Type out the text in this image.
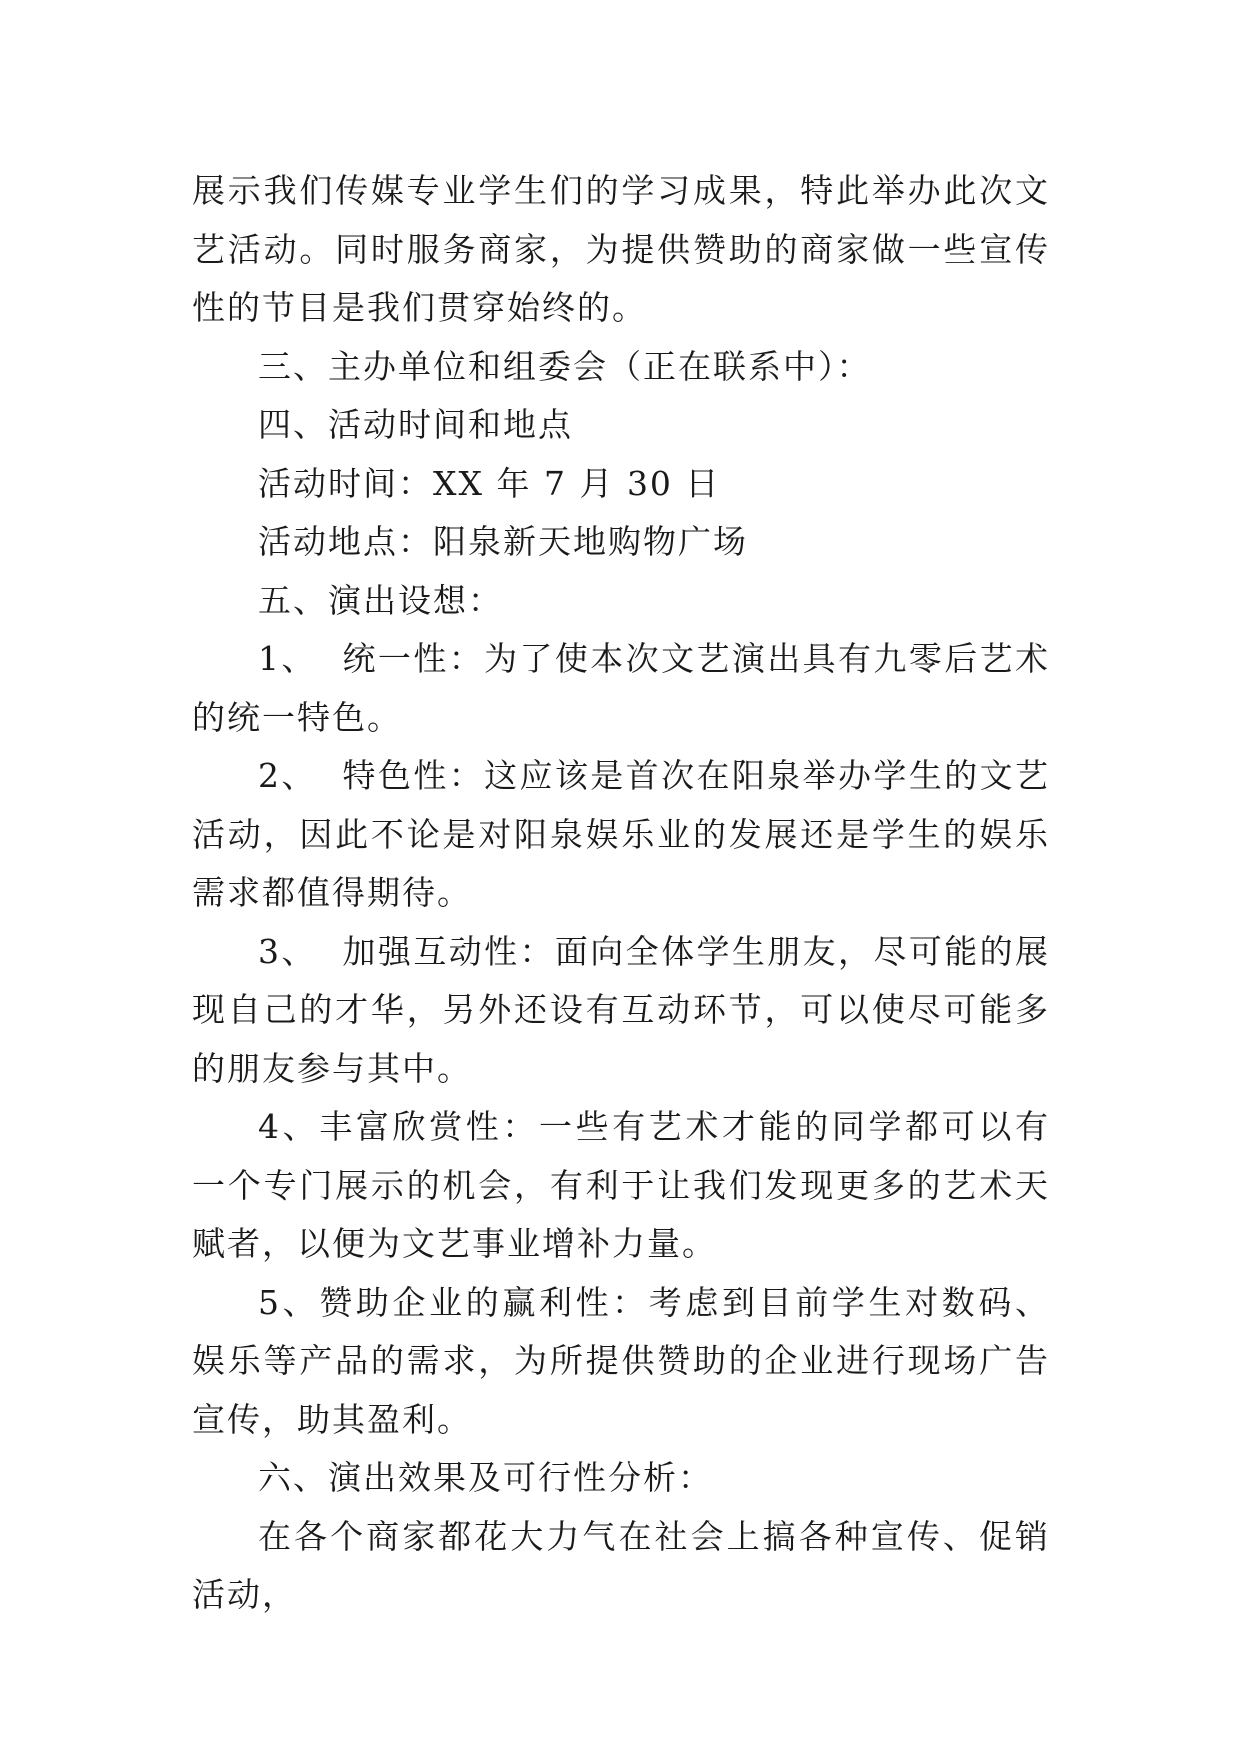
展示我们传媒专业学生们的学习成果，特此举办此次文艺活动。同时服务商家，为提供赞助的商家做一些宣传性的节目是我们贯穿始终的。

三、主办单位和组委会（正在联系中）：

四、活动时间和地点

活动时间：XX 年 7 月 30 日

活动地点：阳泉新天地购物广场

五、演出设想：

1、  统一性：为了使本次文艺演出具有九零后艺术的统一特色。

2、  特色性：这应该是首次在阳泉举办学生的文艺活动，因此不论是对阳泉娱乐业的发展还是学生的娱乐需求都值得期待。

3、  加强互动性：面向全体学生朋友，尽可能的展现自己的才华，另外还设有互动环节，可以使尽可能多的朋友参与其中。

4、丰富欣赏性：一些有艺术才能的同学都可以有一个专门展示的机会，有利于让我们发现更多的艺术天赋者，以便为文艺事业增补力量。

5、赞助企业的赢利性：考虑到目前学生对数码、娱乐等产品的需求，为所提供赞助的企业进行现场广告宣传，助其盈利。

六、演出效果及可行性分析：

在各个商家都花大力气在社会上搞各种宣传、促销活动，
